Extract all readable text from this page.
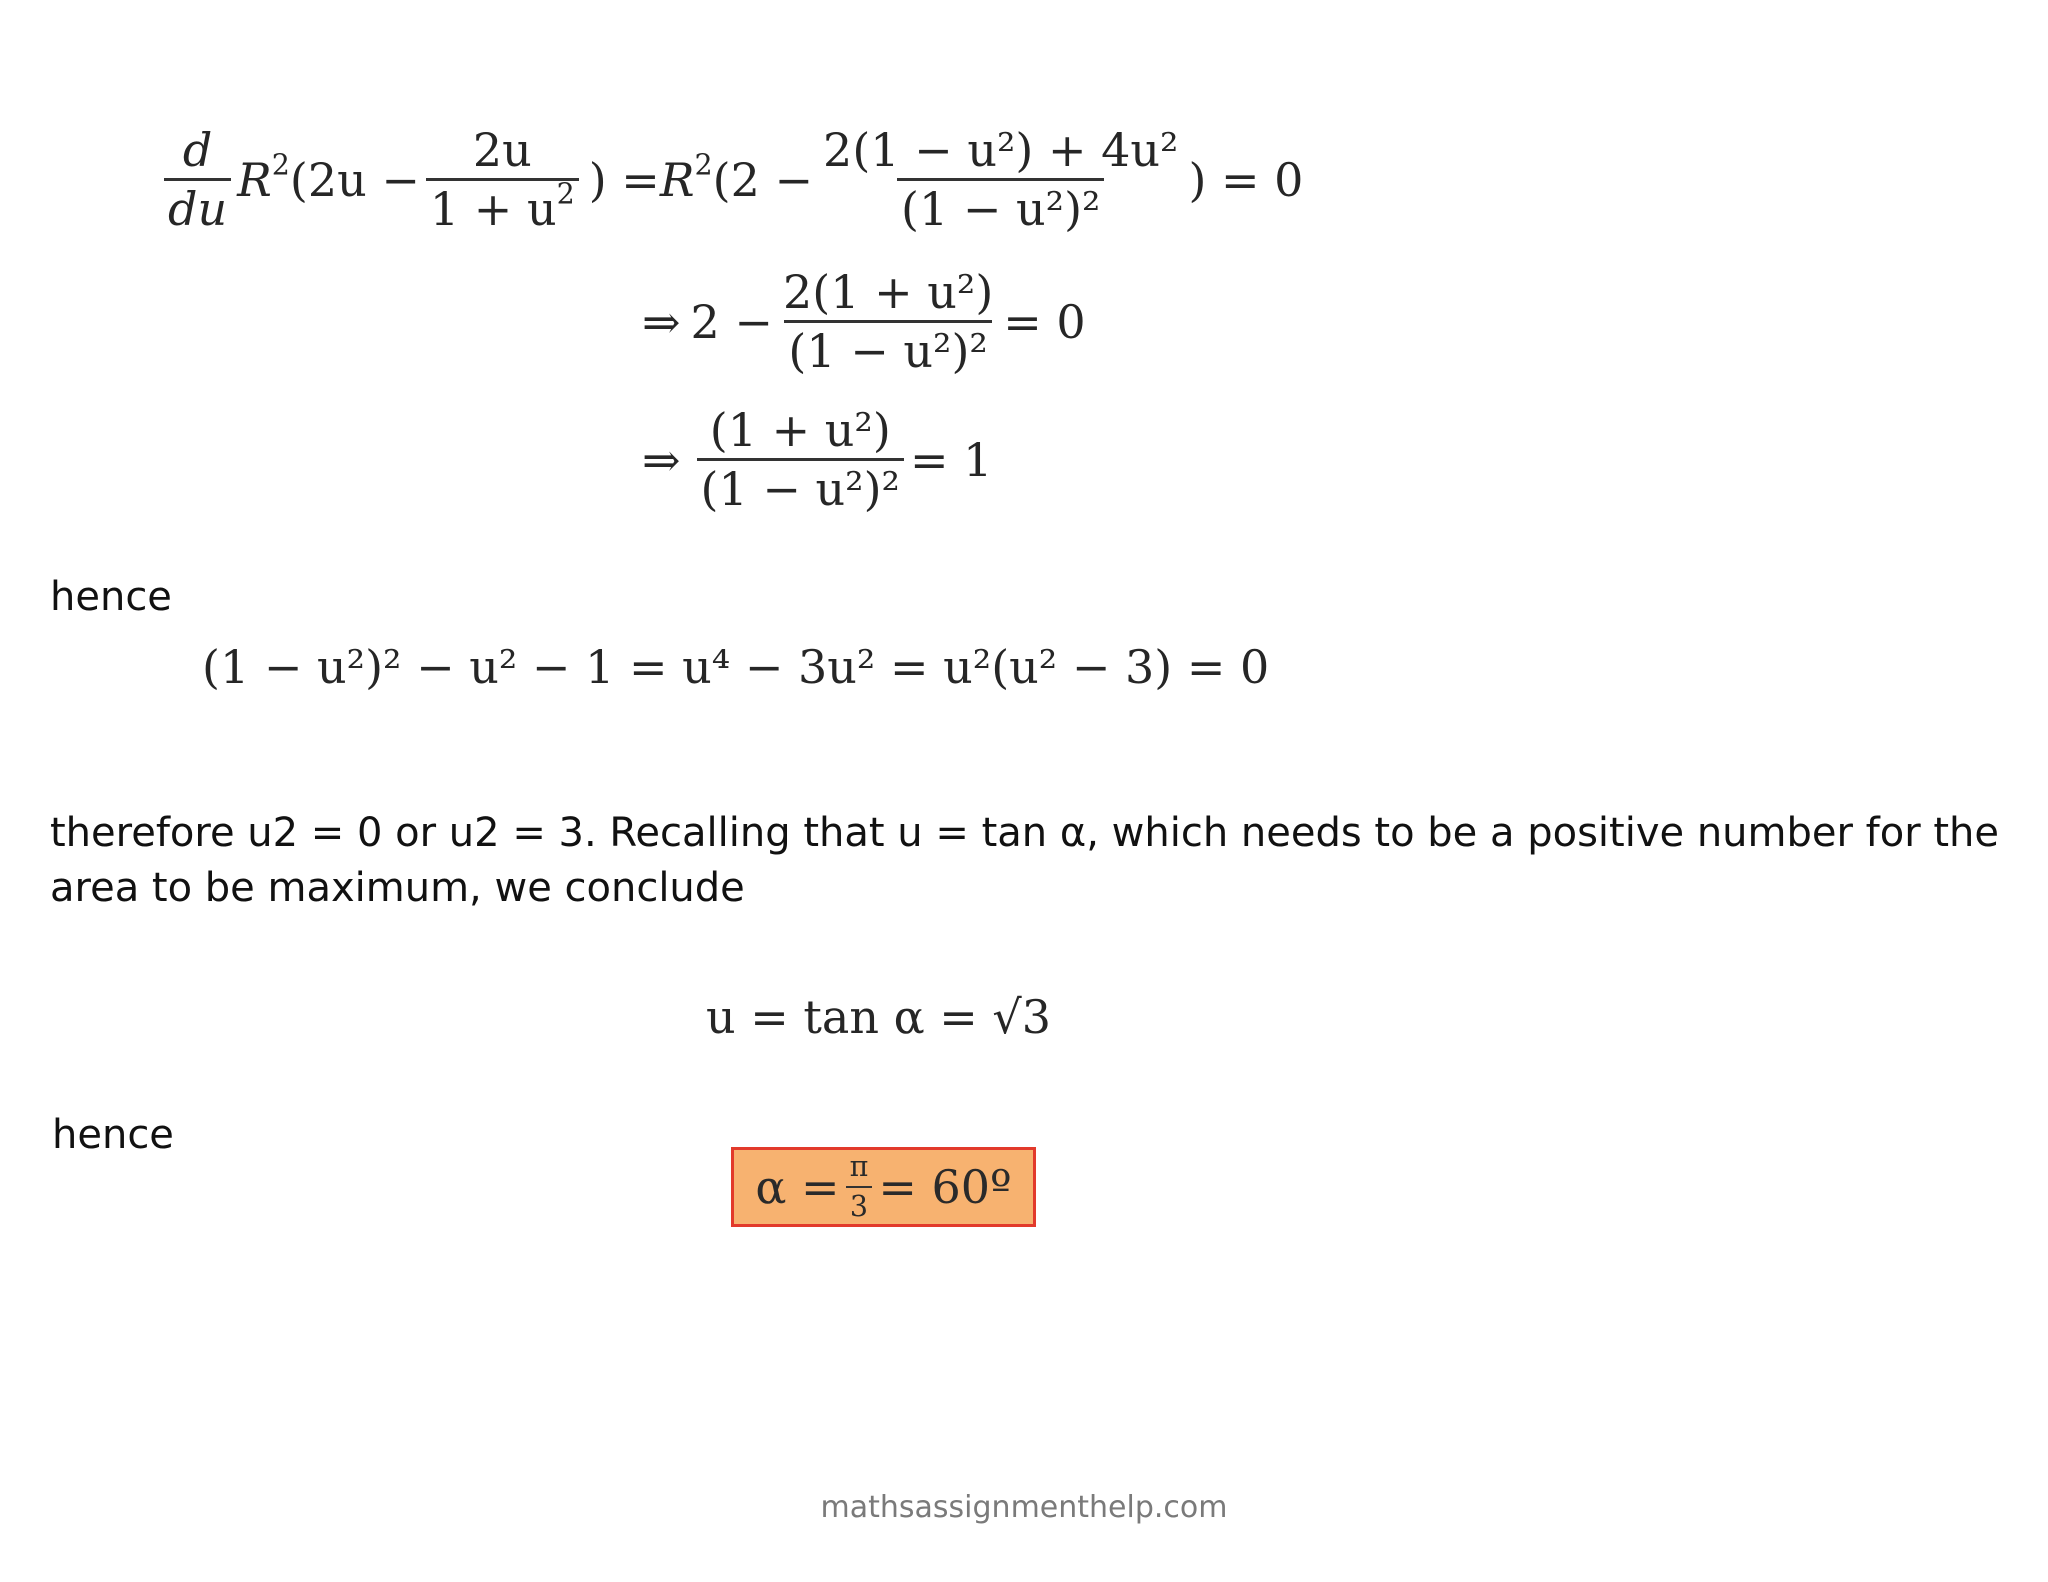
$\frac{d}{du} R^2$ ($2u - \frac{2u}{1 + u^2}$ ) = $R^2$ ($2 - \frac{\text{2(1 − u²) + 4u²}}{\text{(1 − u²)²}}$ ) = 0
⇒ $2 - \frac{\text{2(1 + u²)}}{\text{(1 − u²)²}} = 0$
⇒ $\frac{\text{(1 + u²)}}{\text{(1 − u²)²}} = 1$

hence

(1 − u²)² − u² − 1 = u⁴ − 3u² = u²(u² − 3) = 0

therefore u2 = 0 or u2 = 3. Recalling that u = tan α, which needs to be a positive number for the

area to be maximum, we conclude

u = tan α = √3

hence

$\alpha = \frac{\pi}{3}$ = 60º
mathsassignmenthelp.com
